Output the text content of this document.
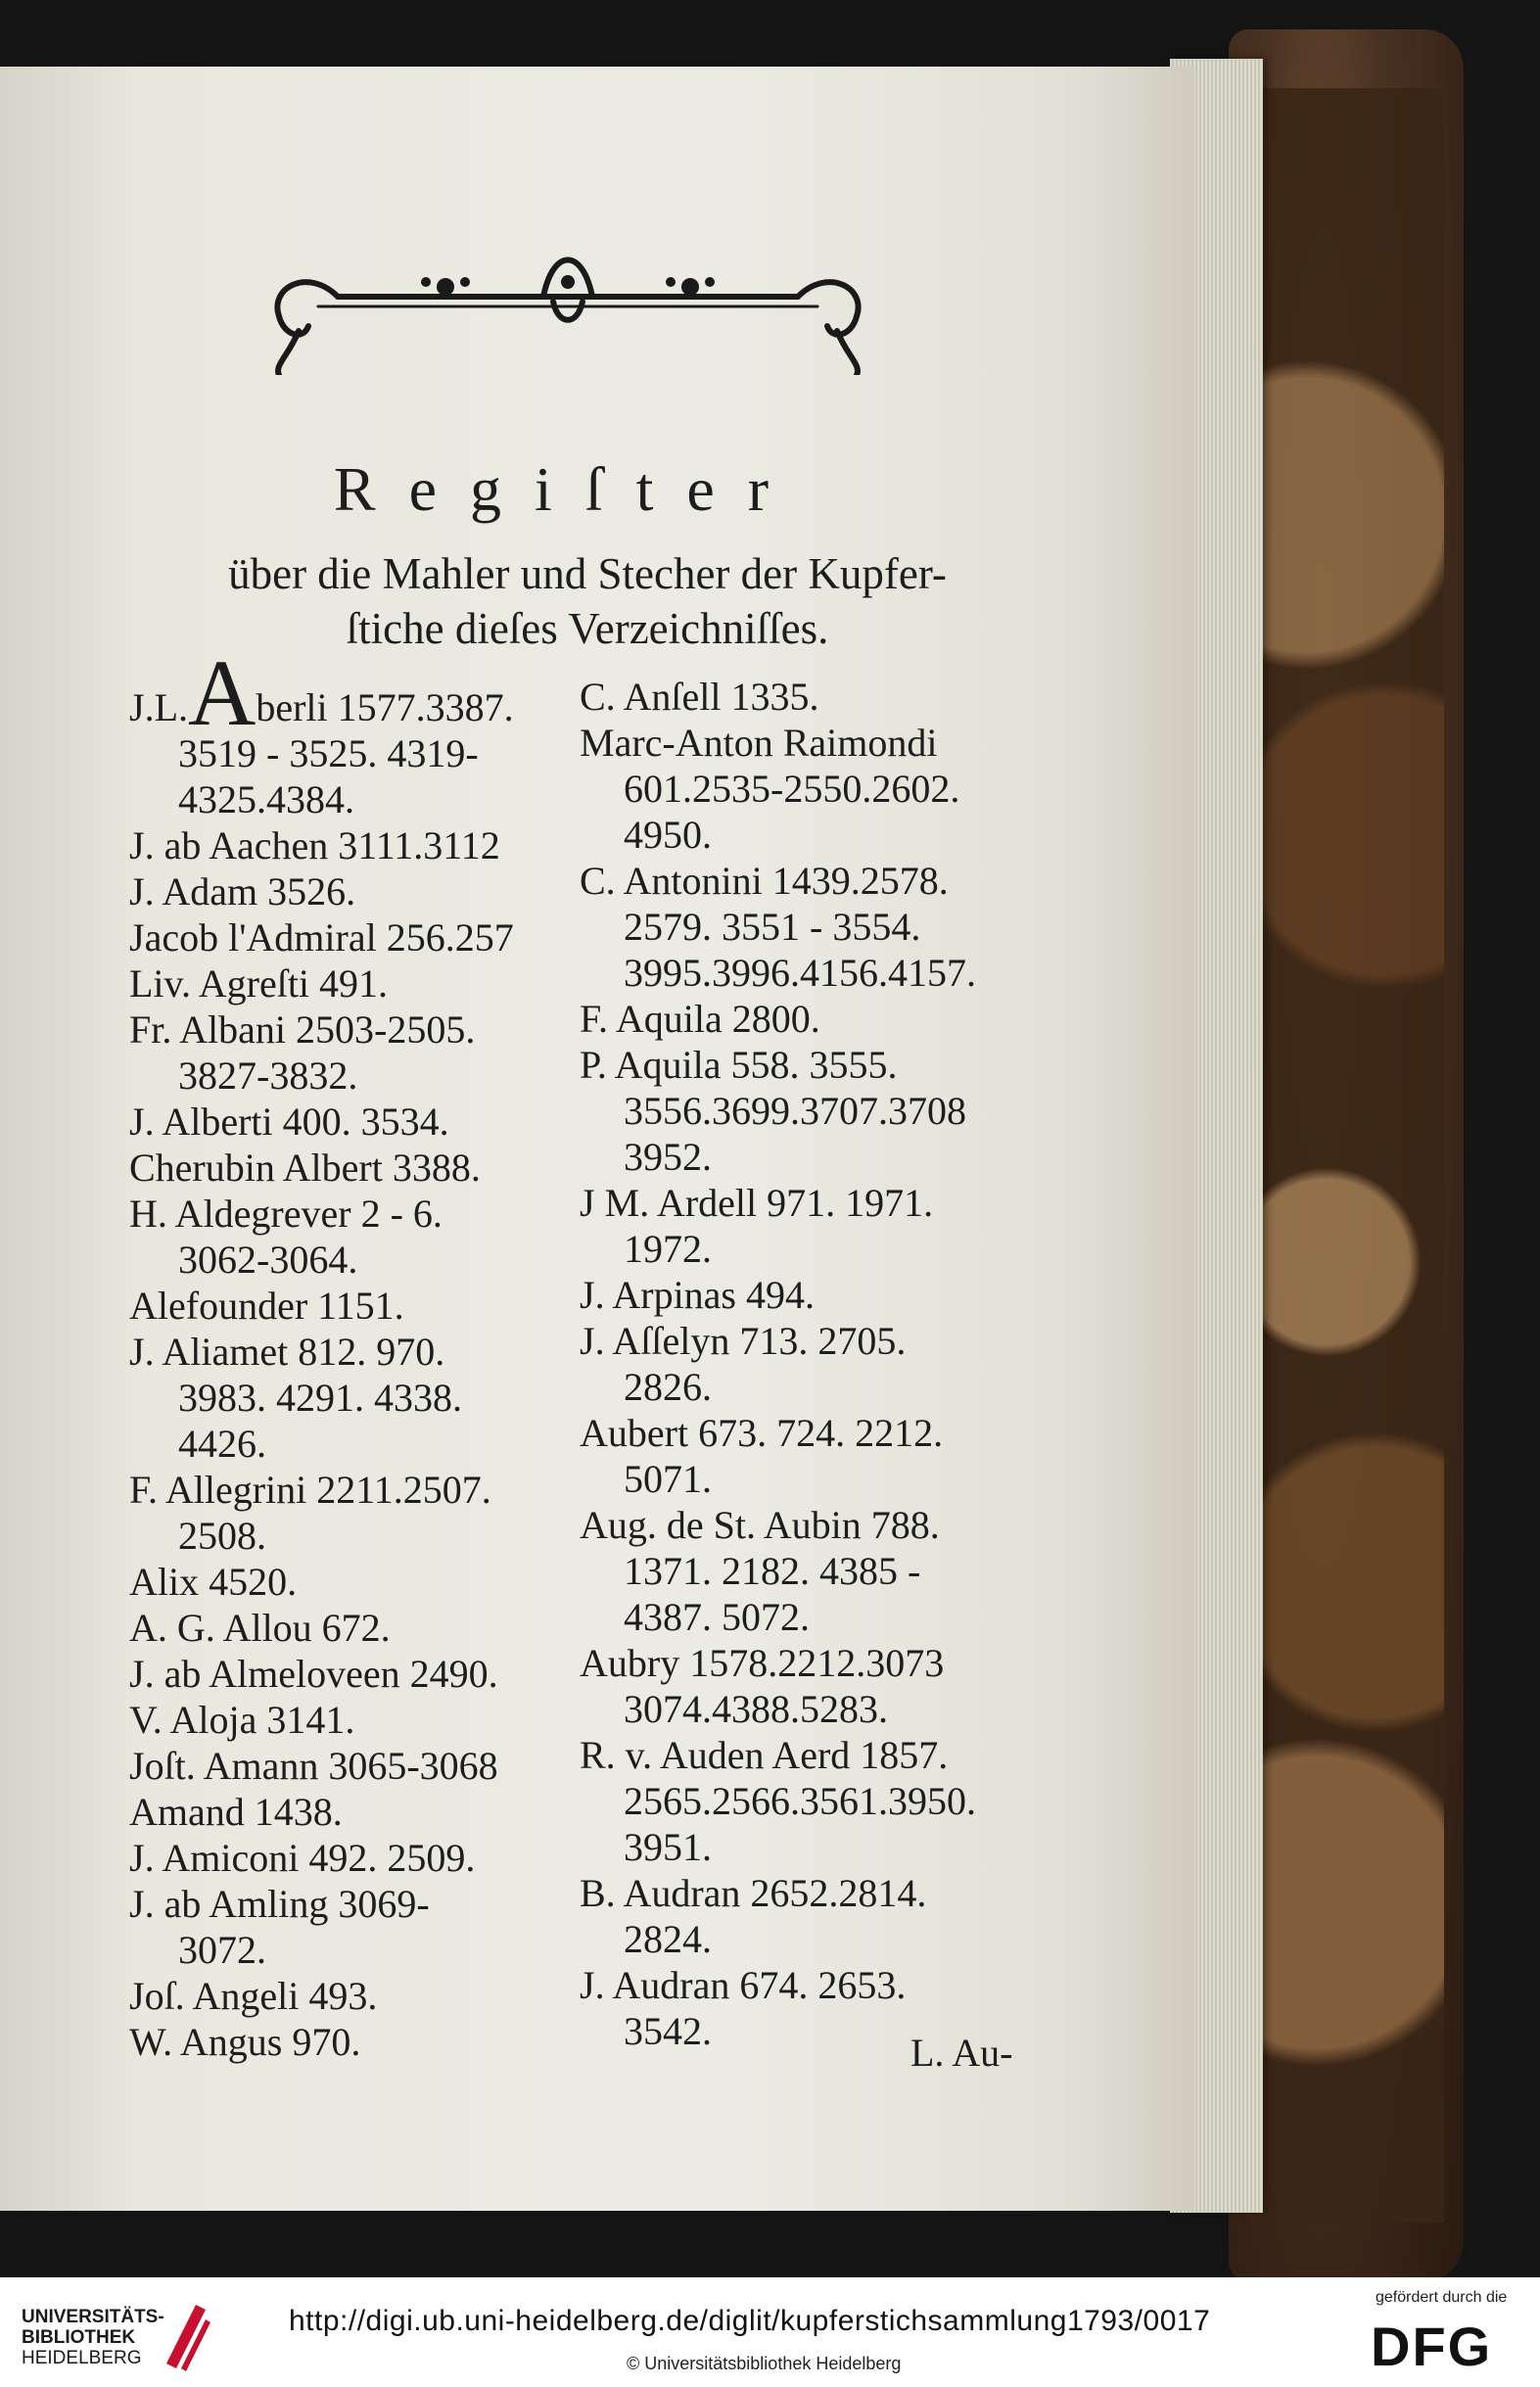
Regiſter
über die Mahler und Stecher der Kupfer-
ſtiche dieſes Verzeichniſſes.
J.L.Aberli 1577.3387.
3519 - 3525. 4319-
4325.4384.
J. ab Aachen 3111.3112
J. Adam 3526.
Jacob l'Admiral 256.257
Liv. Agreſti 491.
Fr. Albani 2503-2505.
3827-3832.
J. Alberti 400. 3534.
Cherubin Albert 3388.
H. Aldegrever 2 - 6.
3062-3064.
Alefounder 1151.
J. Aliamet 812. 970.
3983. 4291. 4338.
4426.
F. Allegrini 2211.2507.
2508.
Alix 4520.
A. G. Allou 672.
J. ab Almeloveen 2490.
V. Aloja 3141.
Joſt. Amann 3065-3068
Amand 1438.
J. Amiconi 492. 2509.
J. ab Amling 3069-
3072.
Joſ. Angeli 493.
W. Angus 970.
C. Anſell 1335.
Marc-Anton Raimondi
601.2535-2550.2602.
4950.
C. Antonini 1439.2578.
2579. 3551 - 3554.
3995.3996.4156.4157.
F. Aquila 2800.
P. Aquila 558. 3555.
3556.3699.3707.3708
3952.
J M. Ardell 971. 1971.
1972.
J. Arpinas 494.
J. Aſſelyn 713. 2705.
2826.
Aubert 673. 724. 2212.
5071.
Aug. de St. Aubin 788.
1371. 2182. 4385 -
4387. 5072.
Aubry 1578.2212.3073
3074.4388.5283.
R. v. Auden Aerd 1857.
2565.2566.3561.3950.
3951.
B. Audran 2652.2814.
2824.
J. Audran 674. 2653.
3542.	L. Au-
UNIVERSITÄTS-
BIBLIOTHEK
HEIDELBERG
http://digi.ub.uni-heidelberg.de/diglit/kupferstichsammlung1793/0017
© Universitätsbibliothek Heidelberg
gefördert durch die
DFG
